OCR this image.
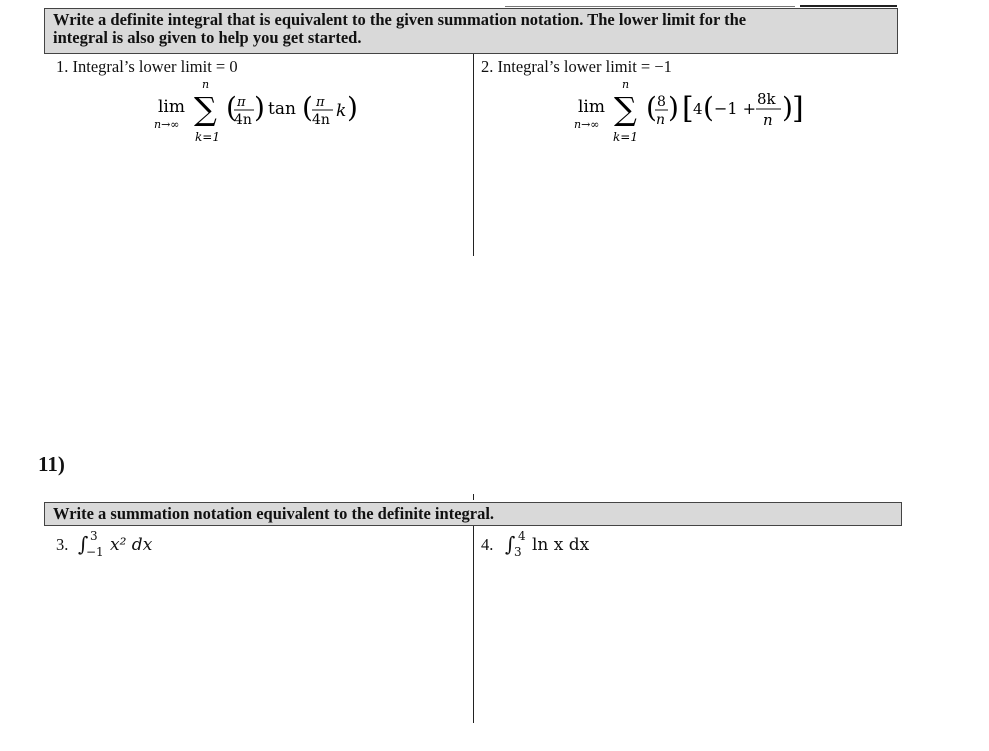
Write a definite integral that is equivalent to the given summation notation. The lower limit for the
integral is also given to help you get started.
1. Integral’s lower limit = 0
lim
n→∞
n
∑
k=1
( π
4n ) tan ( π
4n k )
2. Integral’s lower limit = −1
lim
n→∞
n
∑
k=1
( 8
n ) [ 4 ( −1 + 8k
n ) ]
11)
Write a summation notation equivalent to the definite integral.
3. ∫ 3
−1 x² dx	4. ∫ 4
3 ln x dx
